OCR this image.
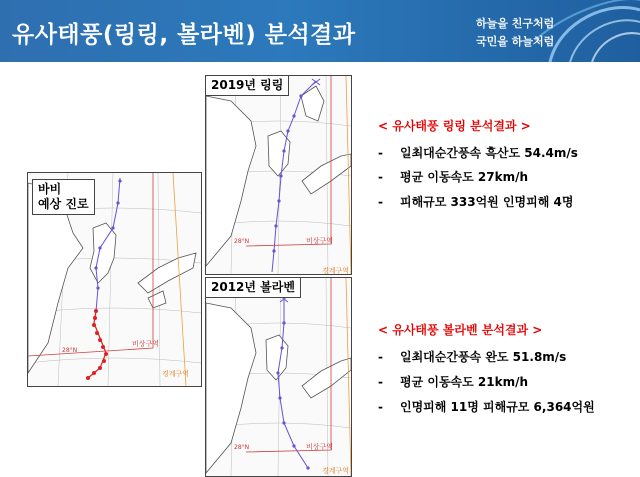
유사태풍(링링, 볼라벤) 분석결과	하늘을 친구처럼
국민을 하늘처럼
바비
예상 진로
28°N
비상구역
경계구역
2019년 링링
28°N	비상구역
경계구역
2012년 볼라벤
28°N	비상구역
경계구역
< 유사태풍 링링 분석결과 >
- 일최대순간풍속 흑산도 54.4m/s
- 평균 이동속도 27km/h
- 피해규모 333억원 인명피해 4명
< 유사태풍 볼라벤 분석결과 >
- 일최대순간풍속 완도 51.8m/s
- 평균 이동속도 21km/h
- 인명피해 11명 피해규모 6,364억원
